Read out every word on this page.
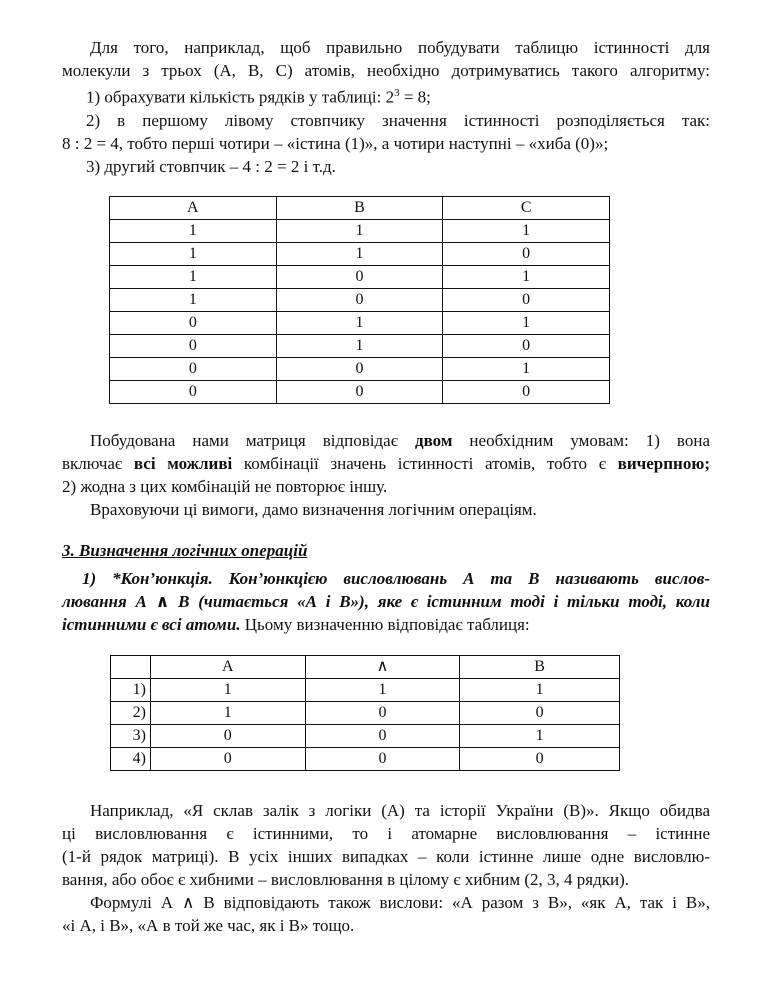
Для того, наприклад, щоб правильно побудувати таблицю істинності для
молекули з трьох (А, В, С) атомів, необхідно дотримуватись такого алгоритму:
1) обрахувати кількість рядків у таблиці: $2^3 = 8$;
2) в першому лівому стовпчику значення істинності розподіляється так:
8 : 2 = 4, тобто перші чотири – «істина (1)», а чотири наступні – «хиба (0)»;
3) другий стовпчик – 4 : 2 = 2 і т.д.
А	В	С
1	1	1
1	1	0
1	0	1
1	0	0
0	1	1
0	1	0
0	0	1
0	0	0
Побудована нами матриця відповідає двом необхідним умовам: 1) вона
включає всі можливі комбінації значень істинності атомів, тобто є вичерпною;
2) жодна з цих комбінацій не повторює іншу.
Враховуючи ці вимоги, дамо визначення логічним операціям.
3. Визначення логічних операцій
1) *Кон’юнкція. Кон’юнкцією висловлювань А та В називають вислов-
лювання А ∧ В (читається «А і В»), яке є істинним тоді і тільки тоді, коли
істинними є всі атоми. Цьому визначенню відповідає таблиця:
	А	∧	В
1)	1	1	1
2)	1	0	0
3)	0	0	1
4)	0	0	0
Наприклад, «Я склав залік з логіки (А) та історії України (В)». Якщо обидва
ці висловлювання є істинними, то і атомарне висловлювання – істинне
(1-й рядок матриці). В усіх інших випадках – коли істинне лише одне висловлю-
вання, або обоє є хибними – висловлювання в цілому є хибним (2, 3, 4 рядки).
Формулі А ∧ В відповідають також вислови: «А разом з В», «як А, так і В»,
«і А, і В», «А в той же час, як і В» тощо.
